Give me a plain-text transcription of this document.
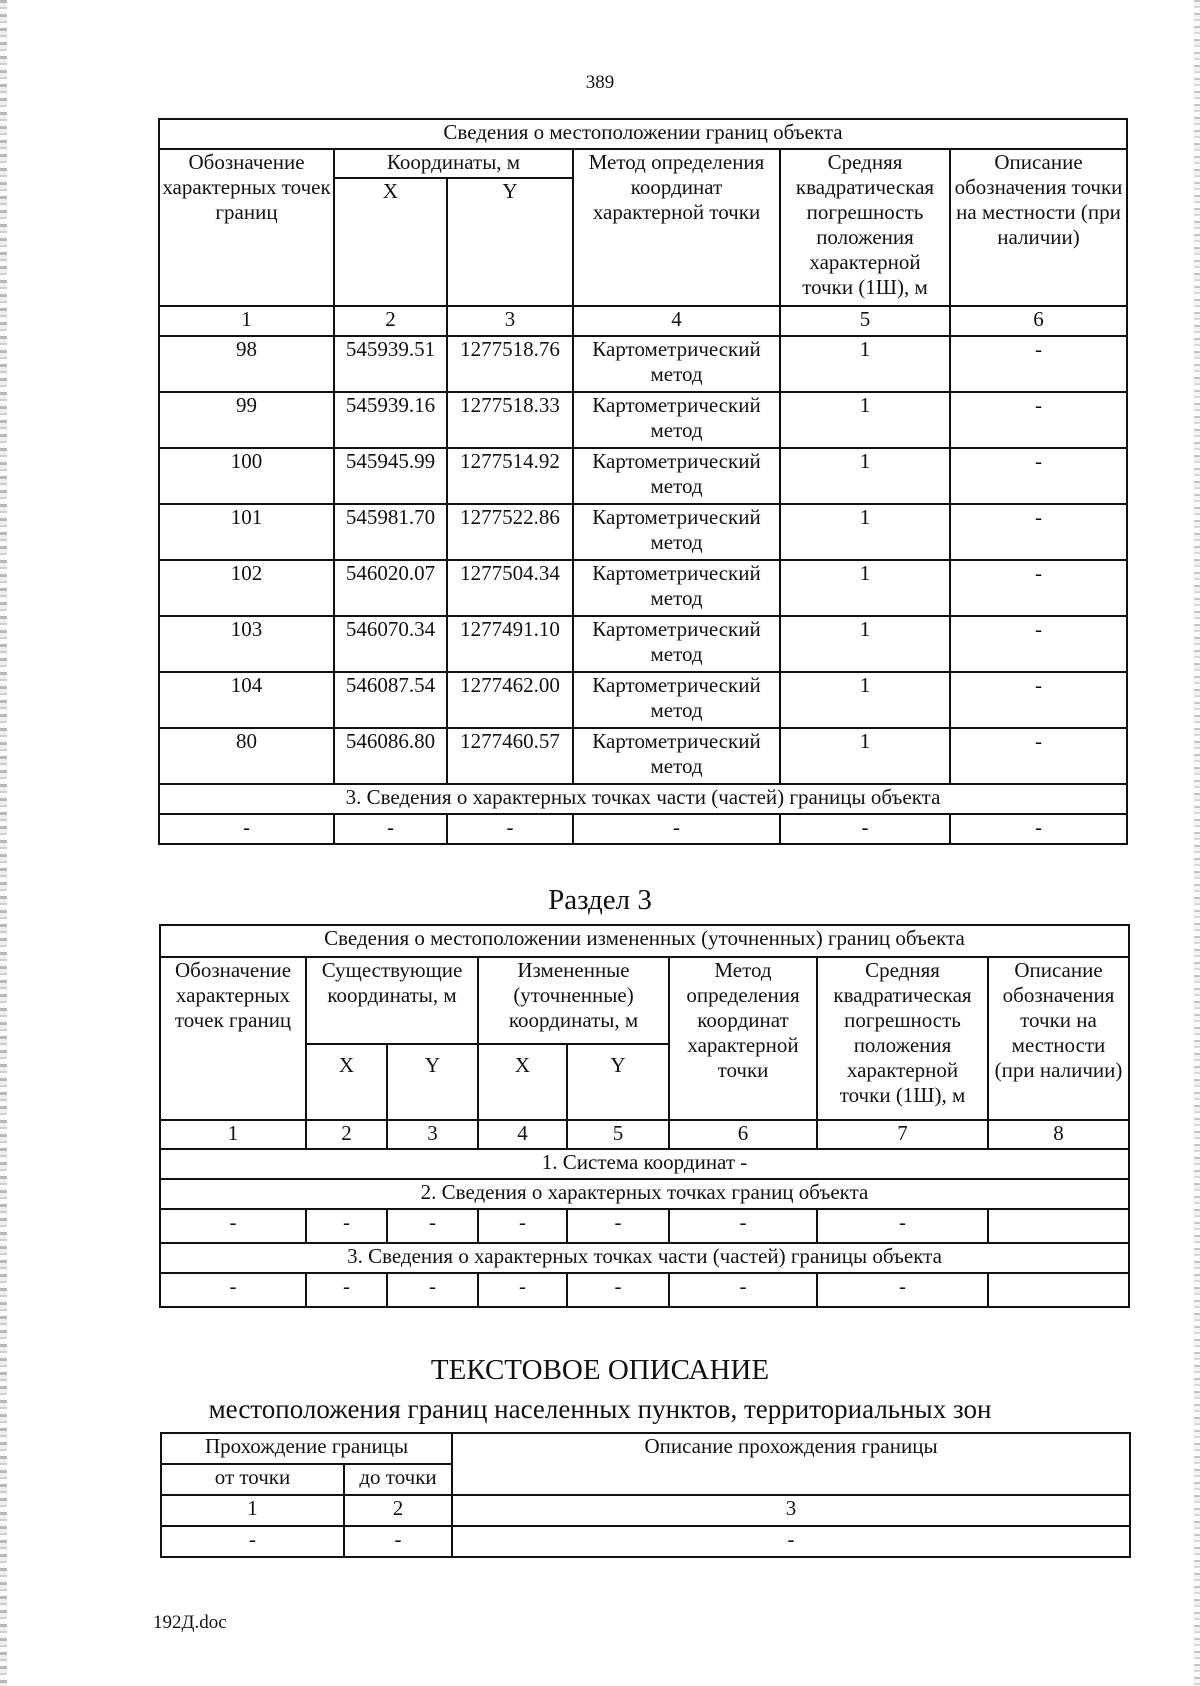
389
Сведения о местоположении границ объекта					
Обозначение характерных точек границ	Координаты, м		Метод определения координат характерной точки	Средняя квадратическая погрешность положения характерной точки (1Ш), м	Описание обозначения точки на местности (при наличии)
	X	Y			
1	2	3	4	5	6
98	545939.51	1277518.76	Картометрический метод	1	-
99	545939.16	1277518.33	Картометрический метод	1	-
100	545945.99	1277514.92	Картометрический метод	1	-
101	545981.70	1277522.86	Картометрический метод	1	-
102	546020.07	1277504.34	Картометрический метод	1	-
103	546070.34	1277491.10	Картометрический метод	1	-
104	546087.54	1277462.00	Картометрический метод	1	-
80	546086.80	1277460.57	Картометрический метод	1	-
3. Сведения о характерных точках части (частей) границы объекта					
-	-	-	-	-	-
Раздел 3
Сведения о местоположении измененных (уточненных) границ объекта							
Обозначение характерных точек границ	Существующие координаты, м		Измененные (уточненные) координаты, м		Метод определения координат характерной точки	Средняя квадратическая погрешность положения характерной точки (1Ш), м	Описание обозначения точки на местности (при наличии)
	X	Y	X	Y			
1	2	3	4	5	6	7	8
1. Система координат -							
2. Сведения о характерных точках границ объекта							
-	-	-	-	-	-	-	
3. Сведения о характерных точках части (частей) границы объекта							
-	-	-	-	-	-	-	
ТЕКСТОВОЕ ОПИСАНИЕ
местоположения границ населенных пунктов, территориальных зон
Прохождение границы		Описание прохождения границы
от точки	до точки	
1	2	3
-	-	-
192Д.doc
